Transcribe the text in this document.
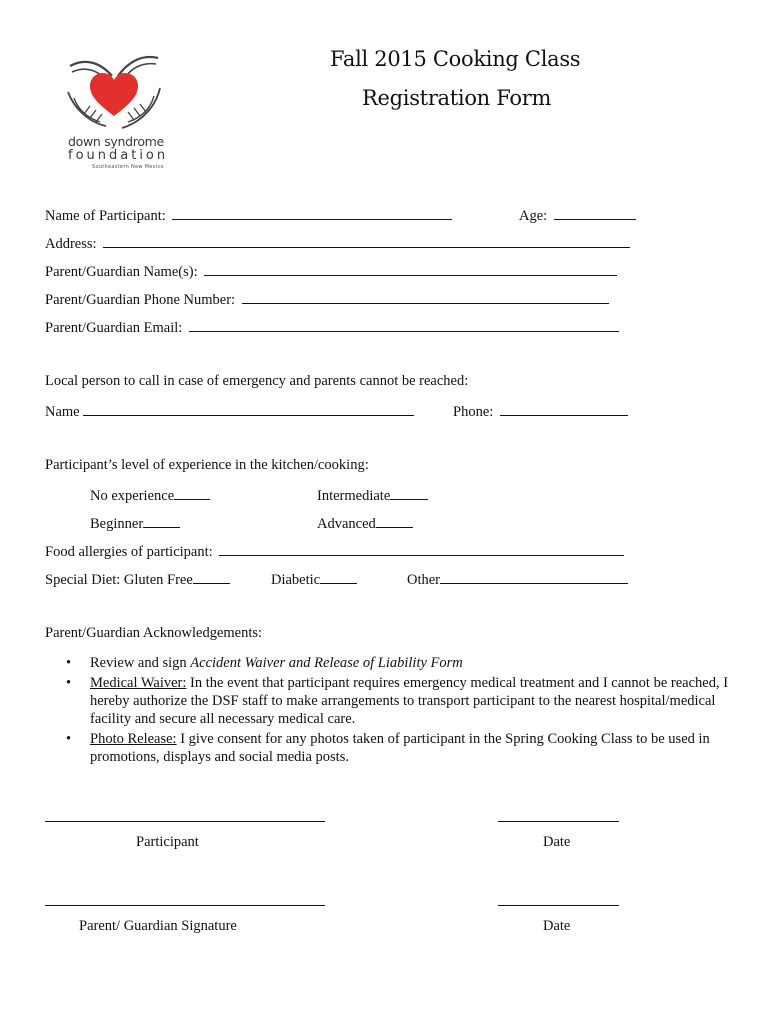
down syndrome
foundation
Southeastern New Mexico
Fall 2015 Cooking Class
Registration Form
Name of Participant:	Age:
Address:
Parent/Guardian Name(s):
Parent/Guardian Phone Number:
Parent/Guardian Email:
Local person to call in case of emergency and parents cannot be reached:
Name	Phone:
Participant’s level of experience in the kitchen/cooking:
No experience	Intermediate
Beginner	Advanced
Food allergies of participant:
Special Diet: Gluten Free	Diabetic	Other
Parent/Guardian Acknowledgements:
• Review and sign Accident Waiver and Release of Liability Form
• Medical Waiver: In the event that participant requires emergency medical treatment and I cannot be reached, I hereby authorize the DSF staff to make arrangements to transport participant to the nearest hospital/medical facility and secure all necessary medical care.
• Photo Release: I give consent for any photos taken of participant in the Spring Cooking Class to be used in promotions, displays and social media posts.
Participant	Date
Parent/ Guardian Signature	Date
